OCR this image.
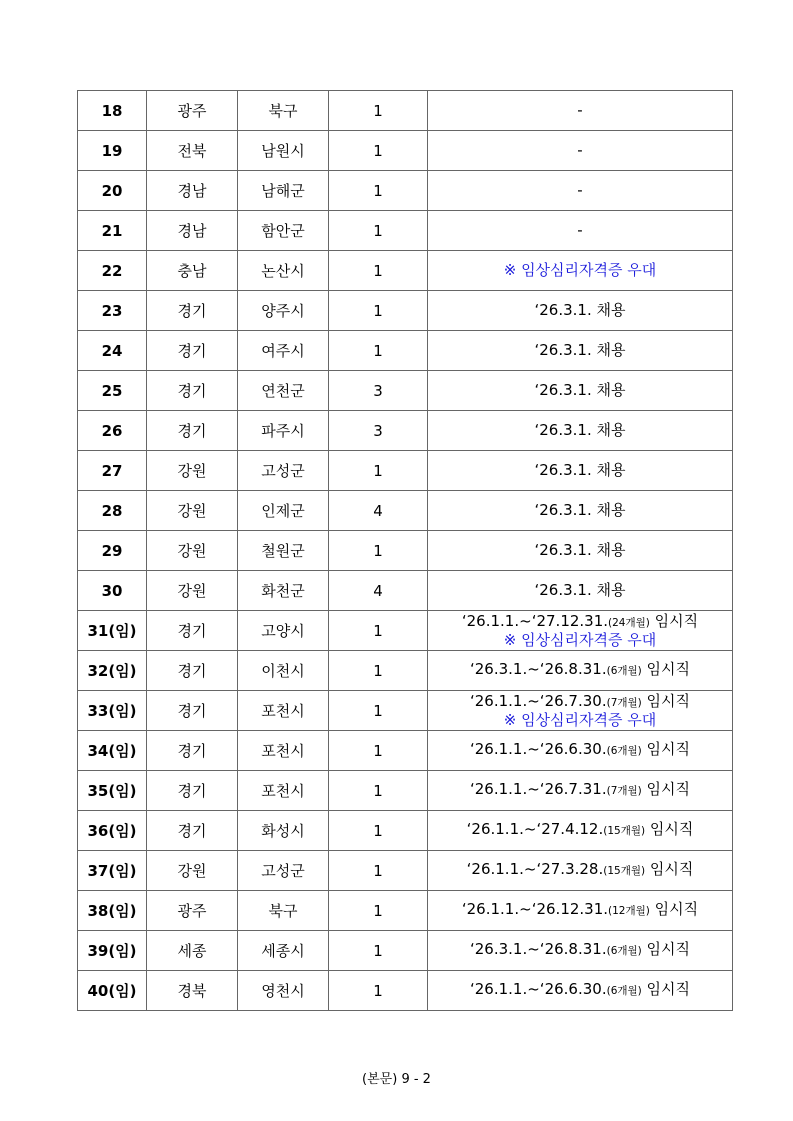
18	광주	북구	1	-

19	전북	남원시	1	-

20	경남	남해군	1	-

21	경남	함안군	1	-

22	충남	논산시	1	※ 임상심리자격증 우대

23	경기	양주시	1	‘26.3.1. 채용

24	경기	여주시	1	‘26.3.1. 채용

25	경기	연천군	3	‘26.3.1. 채용

26	경기	파주시	3	‘26.3.1. 채용

27	강원	고성군	1	‘26.3.1. 채용

28	강원	인제군	4	‘26.3.1. 채용

29	강원	철원군	1	‘26.3.1. 채용

30	강원	화천군	4	‘26.3.1. 채용

31(임)	경기	고양시	1	‘26.1.1.~‘27.12.31.(24개월) 임시직
※ 임상심리자격증 우대

32(임)	경기	이천시	1	‘26.3.1.~‘26.8.31.(6개월) 임시직

33(임)	경기	포천시	1	‘26.1.1.~‘26.7.30.(7개월) 임시직
※ 임상심리자격증 우대

34(임)	경기	포천시	1	‘26.1.1.~‘26.6.30.(6개월) 임시직

35(임)	경기	포천시	1	‘26.1.1.~‘26.7.31.(7개월) 임시직

36(임)	경기	화성시	1	‘26.1.1.~‘27.4.12.(15개월) 임시직

37(임)	강원	고성군	1	‘26.1.1.~‘27.3.28.(15개월) 임시직

38(임)	광주	북구	1	‘26.1.1.~‘26.12.31.(12개월) 임시직

39(임)	세종	세종시	1	‘26.3.1.~‘26.8.31.(6개월) 임시직

40(임)	경북	영천시	1	‘26.1.1.~‘26.6.30.(6개월) 임시직
(본문) 9 - 2
